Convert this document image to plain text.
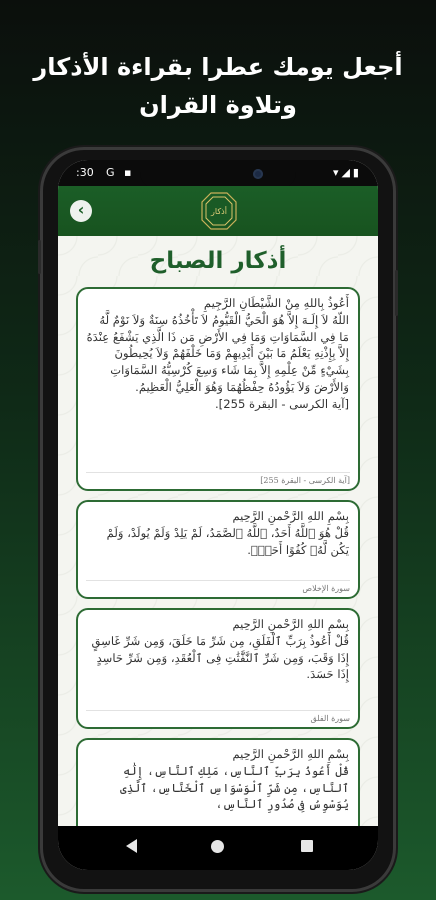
أجعل يومك عطرا بقراءة الأذكار
وتلاوة القران
:30 G ▪	▾◢▮
‹	أذكار
أذكار الصباح

أَعُوذُ بِاللهِ مِنْ الشَّيْطَانِ الرَّجِيمِ

اللّهُ لاَ إِلَـهَ إِلاَّ هُوَ الْحَيُّ الْقَيُّومُ لاَ تَأْخُذُهُ سِنَةٌ وَلاَ نَوْمٌ لَّهُ مَا فِي السَّمَاوَاتِ وَمَا فِي الأَرْضِ مَن ذَا الَّذِي يَشْفَعُ عِنْدَهُ إِلاَّ بِإِذْنِهِ يَعْلَمُ مَا بَيْنَ أَيْدِيهِمْ وَمَا خَلْفَهُمْ وَلاَ يُحِيطُونَ بِشَيْءٍ مِّنْ عِلْمِهِ إِلاَّ بِمَا شَاء وَسِعَ كُرْسِيُّهُ السَّمَاوَاتِ وَالأَرْضَ وَلاَ يَؤُودُهُ حِفْظُهُمَا وَهُوَ الْعَلِيُّ الْعَظِيمُ.

[آية الكرسى - البقرة 255].

[آية الكرسى - البقرة 255]

بِسْمِ اللهِ الرَّحْمنِ الرَّحِيم

قُلْ هُوَ ٱللَّهُ أَحَدٌ، ٱللَّهُ ٱلصَّمَدُ، لَمْ يَلِدْ وَلَمْ يُولَدْ، وَلَمْ يَكُن لَّهُۥ كُفُوًا أَحَدٌۢ.

سورة الإخلاص

بِسْمِ اللهِ الرَّحْمنِ الرَّحِيم

قُلْ أَعُوذُ بِرَبِّ ٱلْفَلَقِ، مِن شَرِّ مَا خَلَقَ، وَمِن شَرِّ غَاسِقٍ إِذَا وَقَبَ، وَمِن شَرِّ ٱلنَّفَّٰثَٰتِ فِى ٱلْعُقَدِ، وَمِن شَرِّ حَاسِدٍ إِذَا حَسَدَ.

سورة الفلق

بِسْمِ اللهِ الرَّحْمنِ الرَّحِيم

قُلْ أَعُوذُ بِرَبِّ ٱلنَّاسِ، مَلِكِ ٱلنَّاسِ، إِلَٰهِ ٱلنَّاسِ، مِن شَرِّ ٱلْوَسْوَاسِ ٱلْخَنَّاسِ، ٱلَّذِى يُوَسْوِسُ فِى صُدُورِ ٱلنَّاسِ،
